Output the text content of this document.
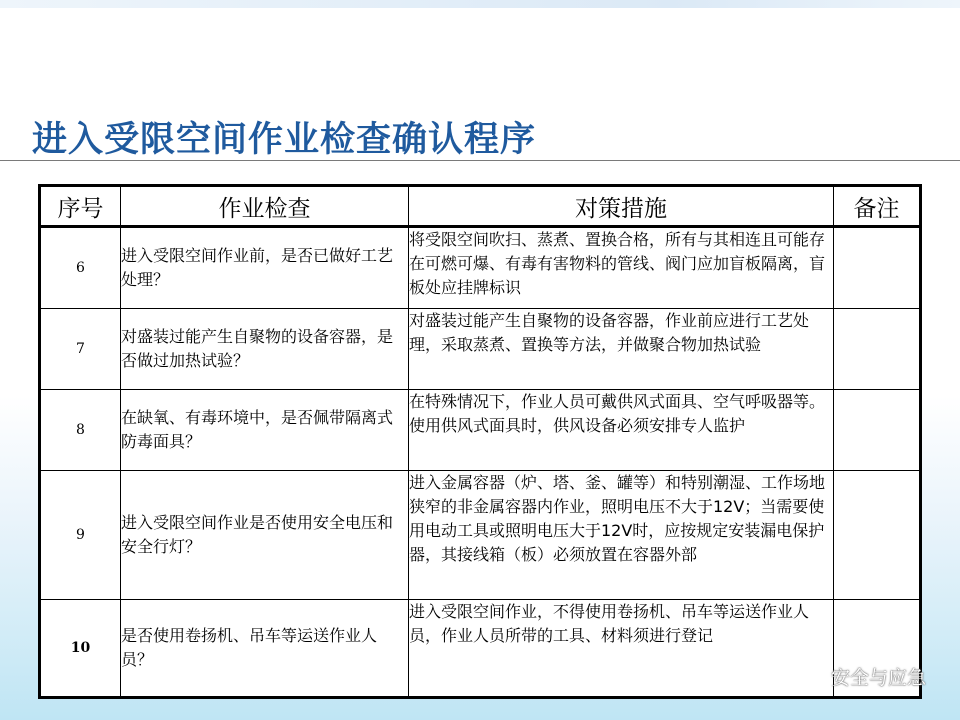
进入受限空间作业检查确认程序
序号	作业检查	对策措施	备注
6	进入受限空间作业前，是否已做好工艺处理？	将受限空间吹扫、蒸煮、置换合格，所有与其相连且可能存在可燃可爆、有毒有害物料的管线、阀门应加盲板隔离，盲板处应挂牌标识	
7	对盛装过能产生自聚物的设备容器，是否做过加热试验？	对盛装过能产生自聚物的设备容器，作业前应进行工艺处理，采取蒸煮、置换等方法，并做聚合物加热试验	
8	在缺氧、有毒环境中，是否佩带隔离式防毒面具？	在特殊情况下，作业人员可戴供风式面具、空气呼吸器等。使用供风式面具时，供风设备必须安排专人监护	
9	进入受限空间作业是否使用安全电压和安全行灯？	进入金属容器（炉、塔、釜、罐等）和特别潮湿、工作场地狭窄的非金属容器内作业，照明电压不大于12V；当需要使用电动工具或照明电压大于12V时，应按规定安装漏电保护器，其接线箱（板）必须放置在容器外部	
10	是否使用卷扬机、吊车等运送作业人员？	进入受限空间作业，不得使用卷扬机、吊车等运送作业人员，作业人员所带的工具、材料须进行登记	
安全与应急
